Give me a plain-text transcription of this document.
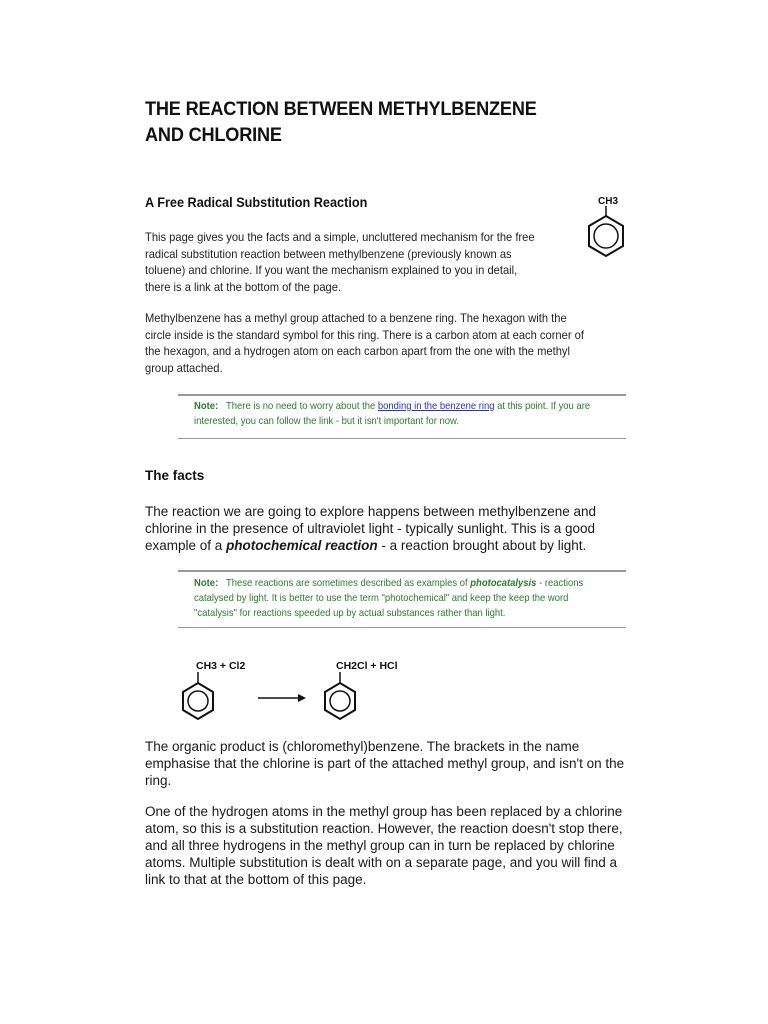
THE REACTION BETWEEN METHYLBENZENE AND CHLORINE
A Free Radical Substitution Reaction	CH3
This page gives you the facts and a simple, uncluttered mechanism for the free radical substitution reaction between methylbenzene (previously known as toluene) and chlorine. If you want the mechanism explained to you in detail, there is a link at the bottom of the page.
Methylbenzene has a methyl group attached to a benzene ring. The hexagon with the circle inside is the standard symbol for this ring. There is a carbon atom at each corner of the hexagon, and a hydrogen atom on each carbon apart from the one with the methyl group attached.
Note: There is no need to worry about the bonding in the benzene ring at this point. If you are interested, you can follow the link - but it isn't important for now.
The facts
The reaction we are going to explore happens between methylbenzene and chlorine in the presence of ultraviolet light - typically sunlight. This is a good example of a photochemical reaction - a reaction brought about by light.
Note: These reactions are sometimes described as examples of photocatalysis - reactions catalysed by light. It is better to use the term "photochemical" and keep the keep the word "catalysis" for reactions speeded up by actual substances rather than light.
CH3 + Cl2	CH2Cl + HCl
The organic product is (chloromethyl)benzene. The brackets in the name emphasise that the chlorine is part of the attached methyl group, and isn't on the ring.
One of the hydrogen atoms in the methyl group has been replaced by a chlorine atom, so this is a substitution reaction. However, the reaction doesn't stop there, and all three hydrogens in the methyl group can in turn be replaced by chlorine atoms. Multiple substitution is dealt with on a separate page, and you will find a link to that at the bottom of this page.
